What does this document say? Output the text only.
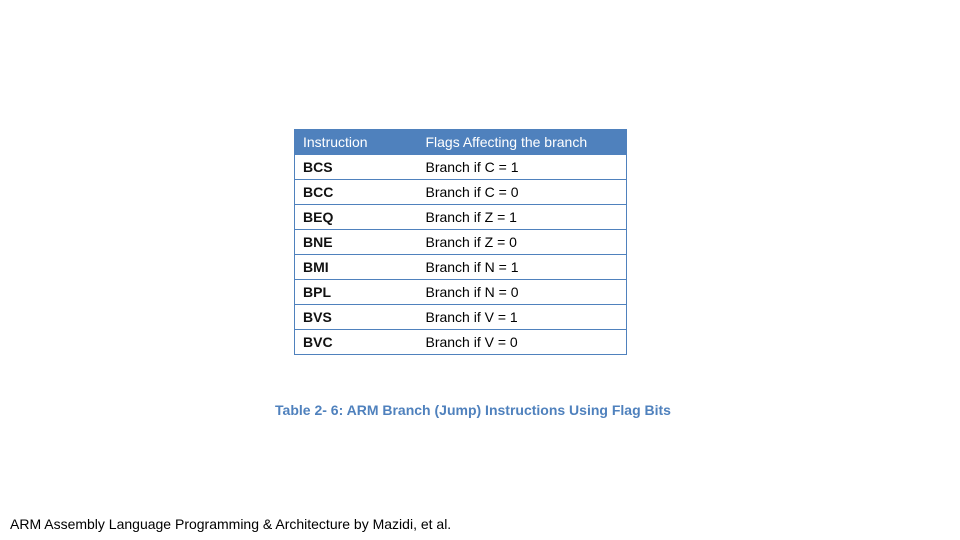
Instruction	Flags Affecting the branch
BCS	Branch if C = 1
BCC	Branch if C = 0
BEQ	Branch if Z = 1
BNE	Branch if Z = 0
BMI	Branch if N = 1
BPL	Branch if N = 0
BVS	Branch if V = 1
BVC	Branch if V = 0
Table 2- 6: ARM Branch (Jump) Instructions Using Flag Bits
ARM Assembly Language Programming & Architecture by Mazidi, et al.
